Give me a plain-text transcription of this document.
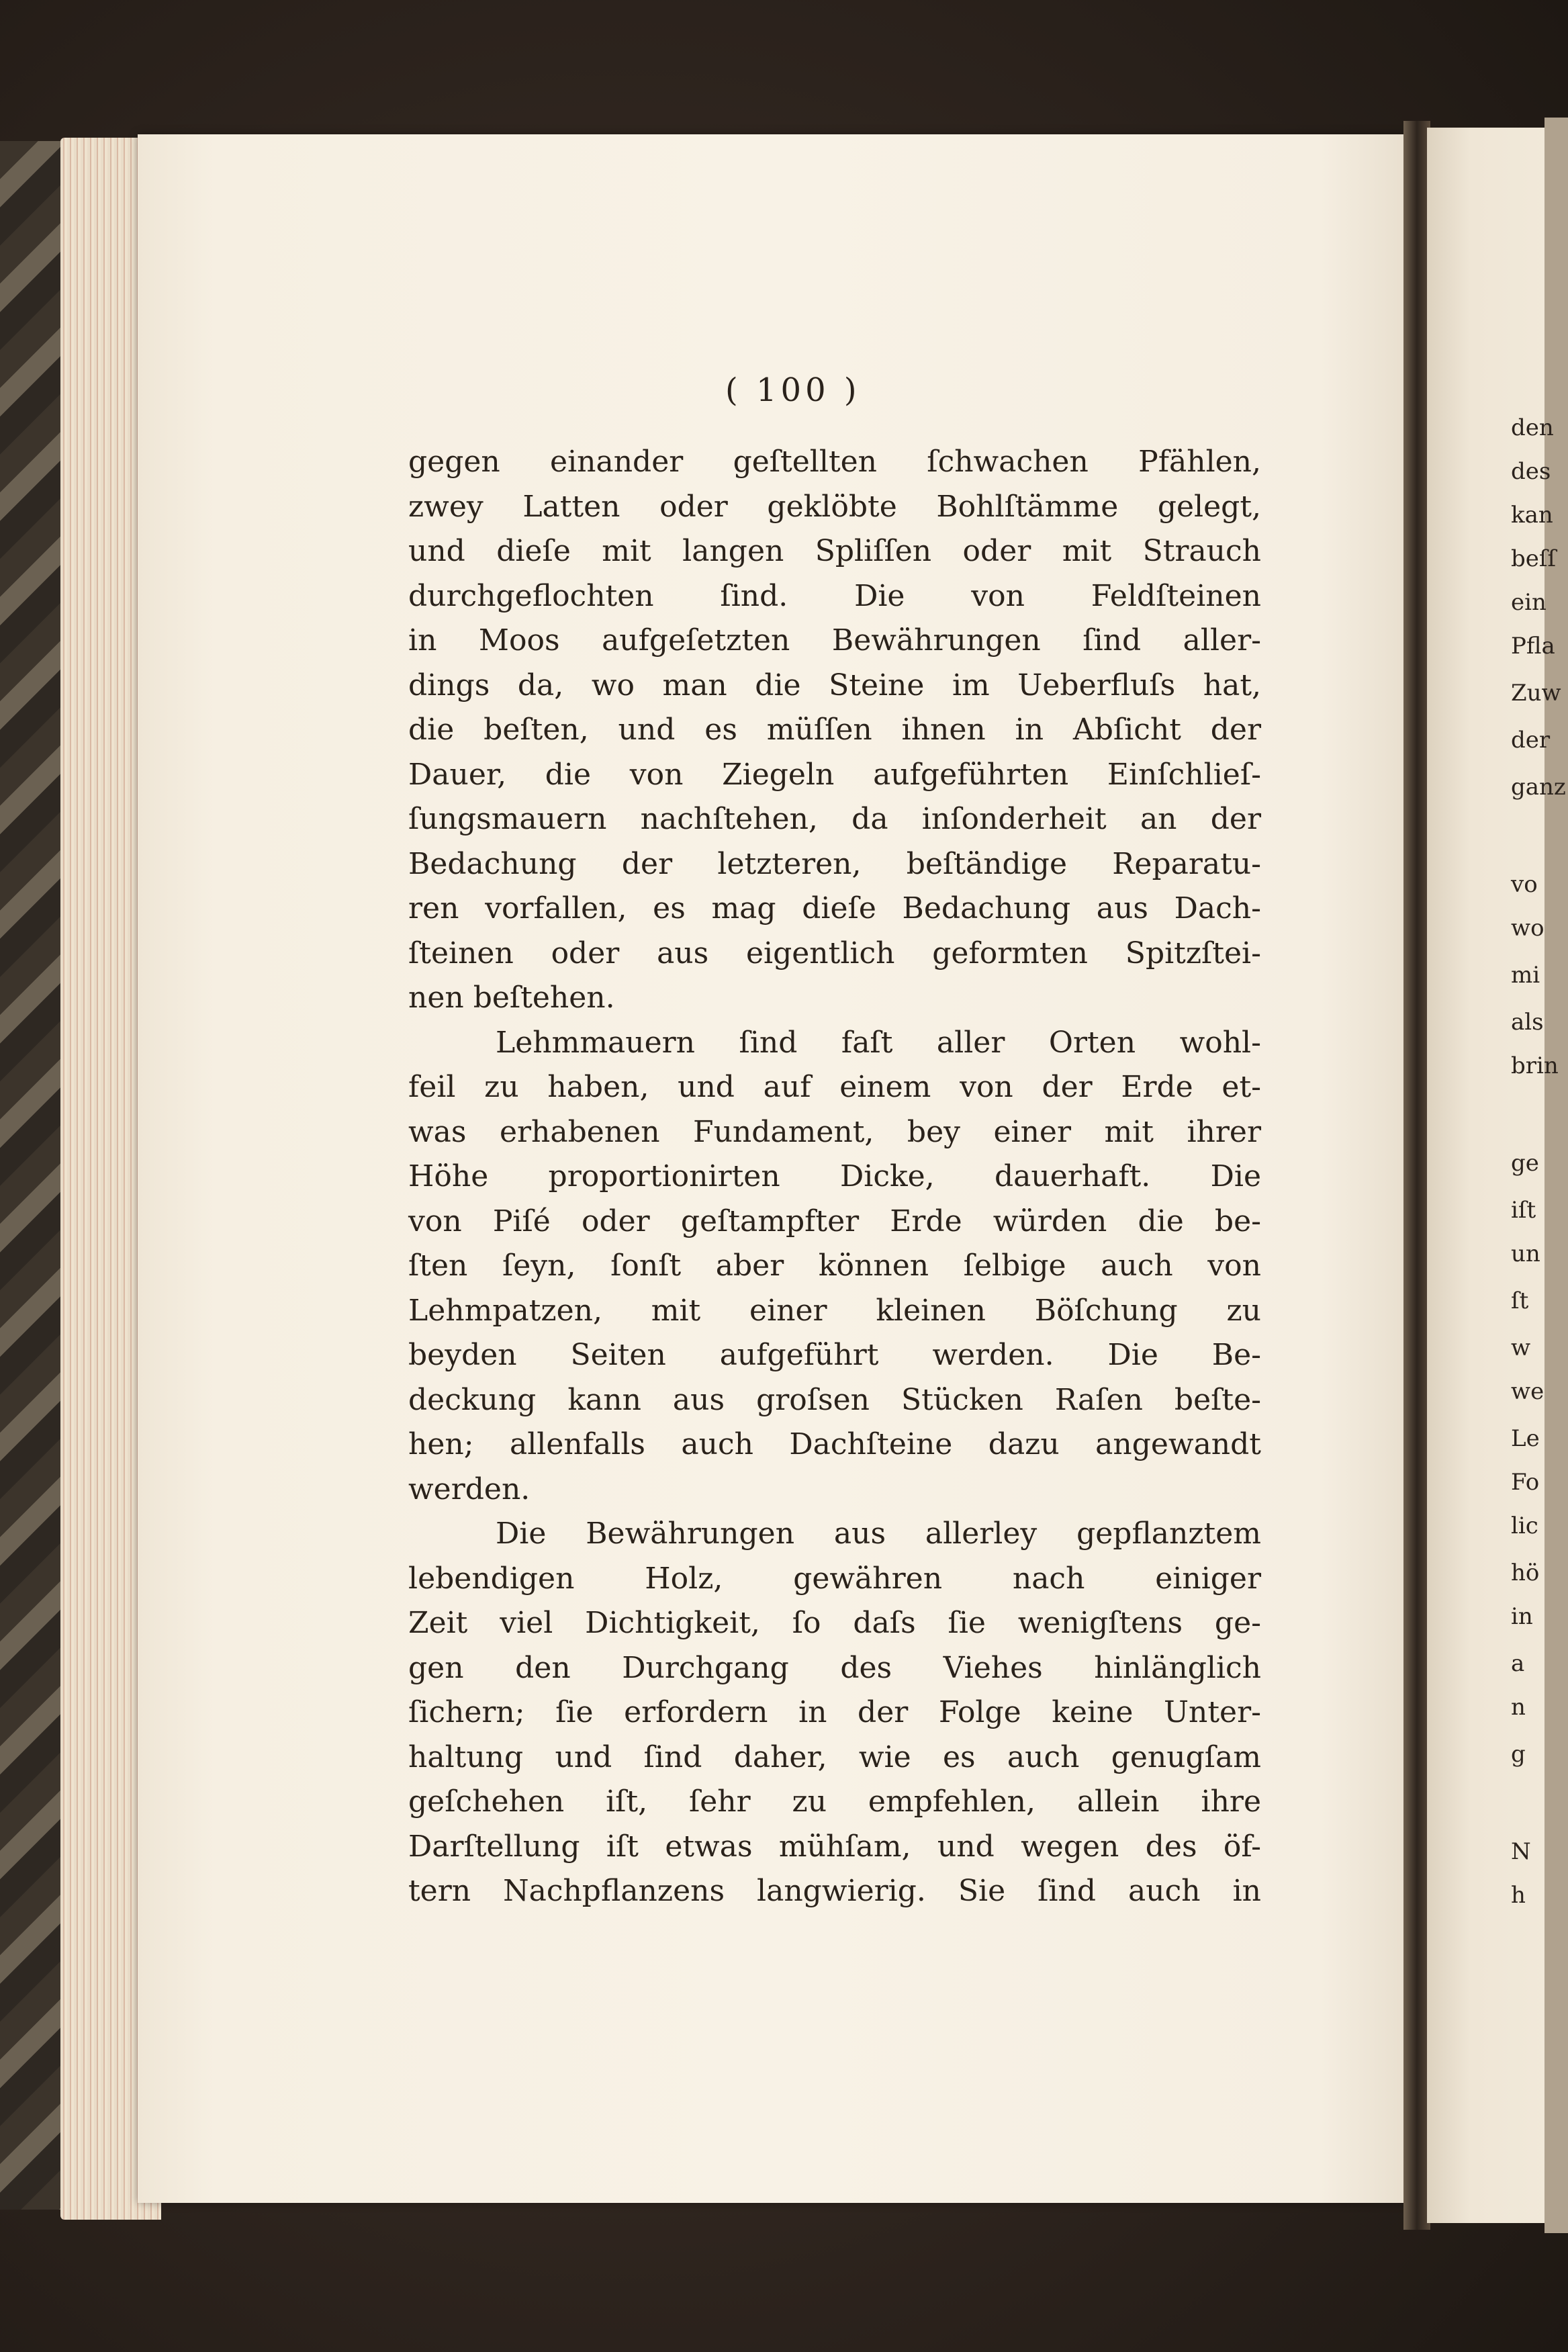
( 100 )
gegen einander geſtellten ſchwachen Pfählen,
zwey Latten oder geklöbte Bohlſtämme gelegt,
und dieſe mit langen Spliſſen oder mit Strauch
durchgeflochten ſind. Die von Feldſteinen
in Moos aufgeſetzten Bewährungen ſind aller-
dings da, wo man die Steine im Ueberfluſs hat,
die beſten, und es müſſen ihnen in Abſicht der
Dauer, die von Ziegeln aufgeführten Einſchlieſ-
ſungsmauern nachſtehen, da inſonderheit an der
Bedachung der letzteren, beſtändige Reparatu-
ren vorfallen, es mag dieſe Bedachung aus Dach-
ſteinen oder aus eigentlich geformten Spitzſtei-
nen beſtehen.
Lehmmauern ſind faſt aller Orten wohl-
feil zu haben, und auf einem von der Erde et-
was erhabenen Fundament, bey einer mit ihrer
Höhe proportionirten Dicke, dauerhaft. Die
von Piſé oder geſtampfter Erde würden die be-
ſten ſeyn, ſonſt aber können ſelbige auch von
Lehmpatzen, mit einer kleinen Böſchung zu
beyden Seiten aufgeführt werden. Die Be-
deckung kann aus groſsen Stücken Raſen beſte-
hen; allenfalls auch Dachſteine dazu angewandt
werden.
Die Bewährungen aus allerley gepflanztem
lebendigen Holz, gewähren nach einiger
Zeit viel Dichtigkeit, ſo daſs ſie wenigſtens ge-
gen den Durchgang des Viehes hinlänglich
ſichern; ſie erfordern in der Folge keine Unter-
haltung und ſind daher, wie es auch genugſam
geſchehen iſt, ſehr zu empfehlen, allein ihre
Darſtellung iſt etwas mühſam, und wegen des öf-
tern Nachpflanzens langwierig. Sie ſind auch in
den
des
kan
beſſ
ein
Pfla
Zuw
der
ganz
vo
wo
mi
als
brin
ge
iſt
un
ſt
w
we
Le
Fo
lic
hö
in
a
n
g
N
h
